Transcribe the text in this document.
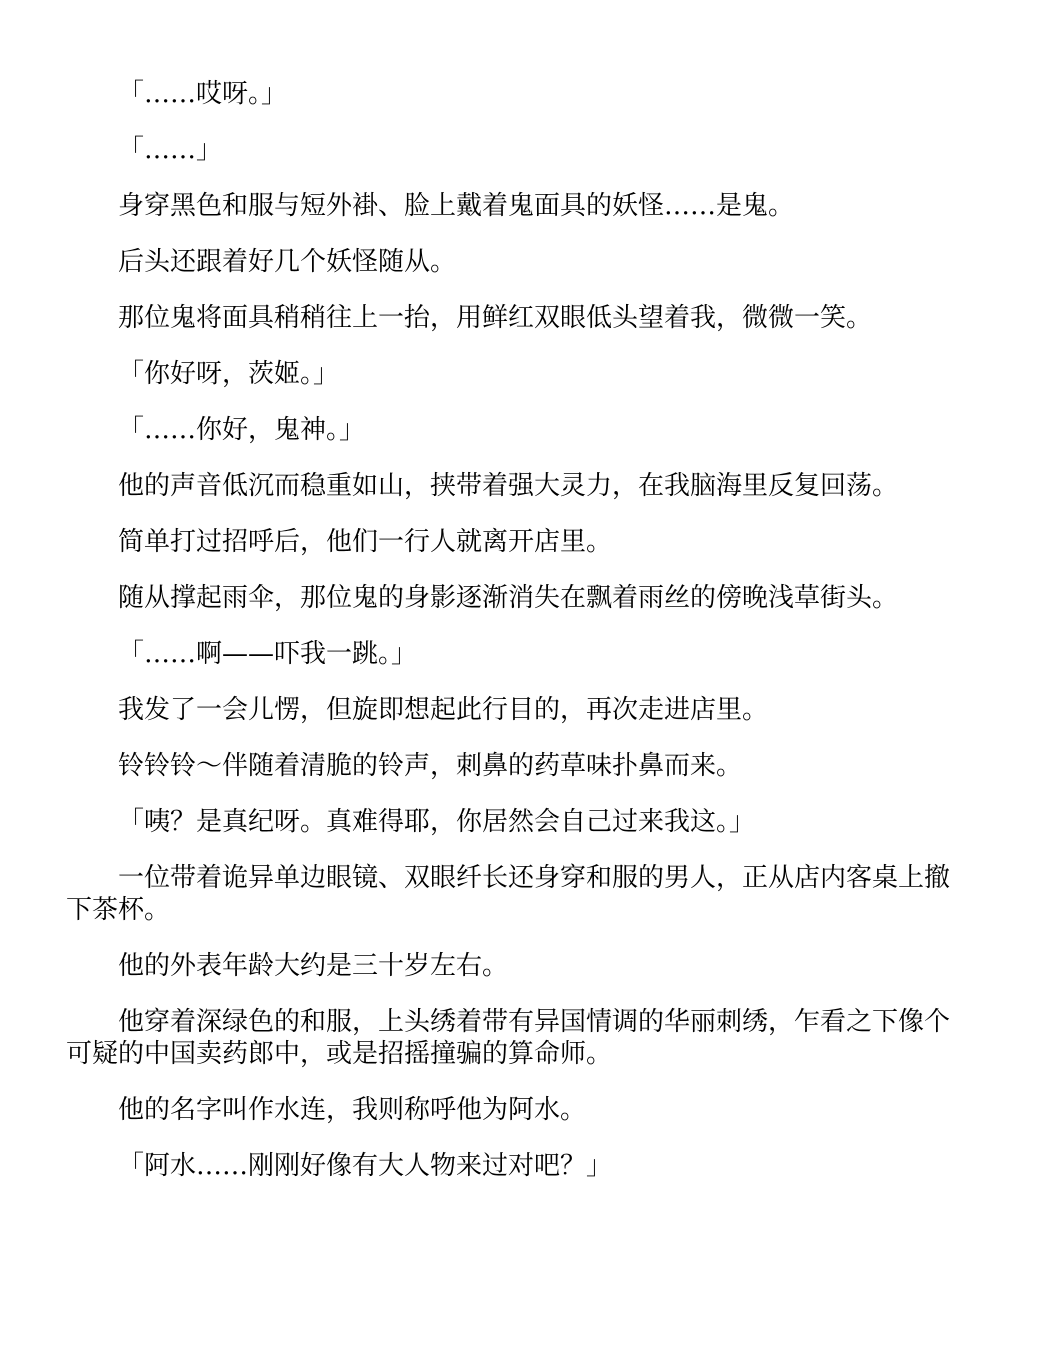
「……哎呀。」

「……」

身穿黑色和服与短外褂、脸上戴着鬼面具的妖怪……是鬼。

后头还跟着好几个妖怪随从。

那位鬼将面具稍稍往上一抬，用鲜红双眼低头望着我，微微一笑。

「你好呀，茨姬。」

「……你好，鬼神。」

他的声音低沉而稳重如山，挟带着强大灵力，在我脑海里反复回荡。

简单打过招呼后，他们一行人就离开店里。

随从撑起雨伞，那位鬼的身影逐渐消失在飘着雨丝的傍晚浅草街头。

「……啊——吓我一跳。」

我发了一会儿愣，但旋即想起此行目的，再次走进店里。

铃铃铃～伴随着清脆的铃声，刺鼻的药草味扑鼻而来。

「咦？是真纪呀。真难得耶，你居然会自己过来我这。」

一位带着诡异单边眼镜、双眼纤长还身穿和服的男人，正从店内客桌上撤下茶杯。

他的外表年龄大约是三十岁左右。

他穿着深绿色的和服，上头绣着带有异国情调的华丽刺绣，乍看之下像个可疑的中国卖药郎中，或是招摇撞骗的算命师。

他的名字叫作水连，我则称呼他为阿水。

「阿水……刚刚好像有大人物来过对吧？」
